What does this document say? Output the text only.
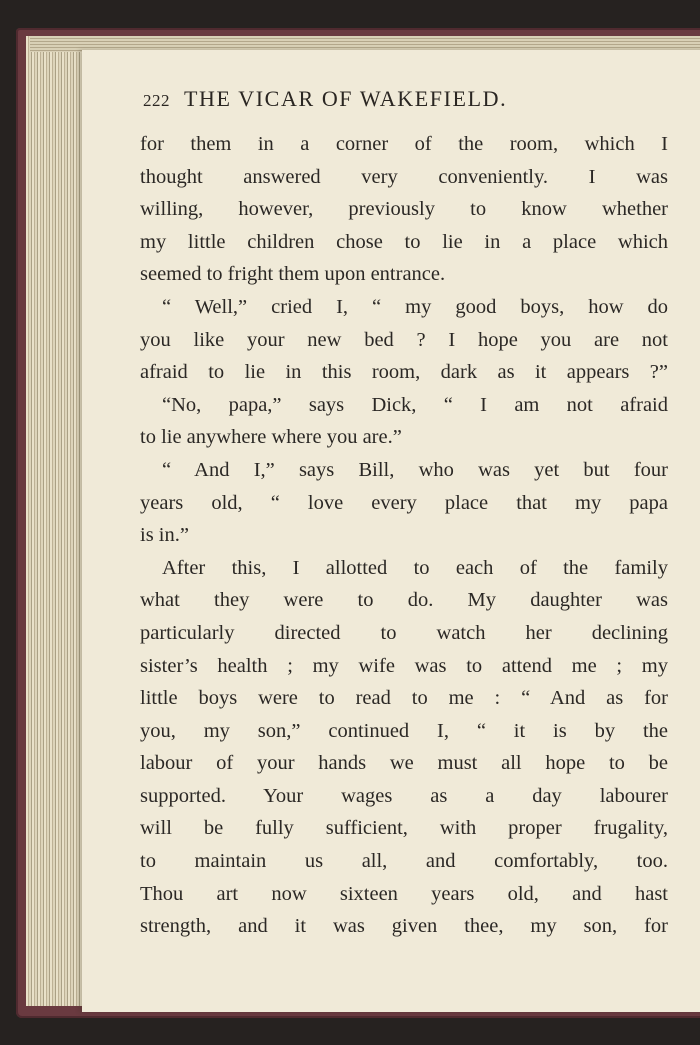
222 THE VICAR OF WAKEFIELD.
for them in a corner of the room, which I
thought answered very conveniently. I was
willing, however, previously to know whether
my little children chose to lie in a place which
seemed to fright them upon entrance.
“ Well,” cried I, “ my good boys, how do
you like your new bed ? I hope you are not
afraid to lie in this room, dark as it appears ?”
“No, papa,” says Dick, “ I am not afraid
to lie anywhere where you are.”
“ And I,” says Bill, who was yet but four
years old, “ love every place that my papa
is in.”
After this, I allotted to each of the family
what they were to do. My daughter was
particularly directed to watch her declining
sister’s health ; my wife was to attend me ; my
little boys were to read to me : “ And as for
you, my son,” continued I, “ it is by the
labour of your hands we must all hope to be
supported. Your wages as a day labourer
will be fully sufficient, with proper frugality,
to maintain us all, and comfortably, too.
Thou art now sixteen years old, and hast
strength, and it was given thee, my son, for
